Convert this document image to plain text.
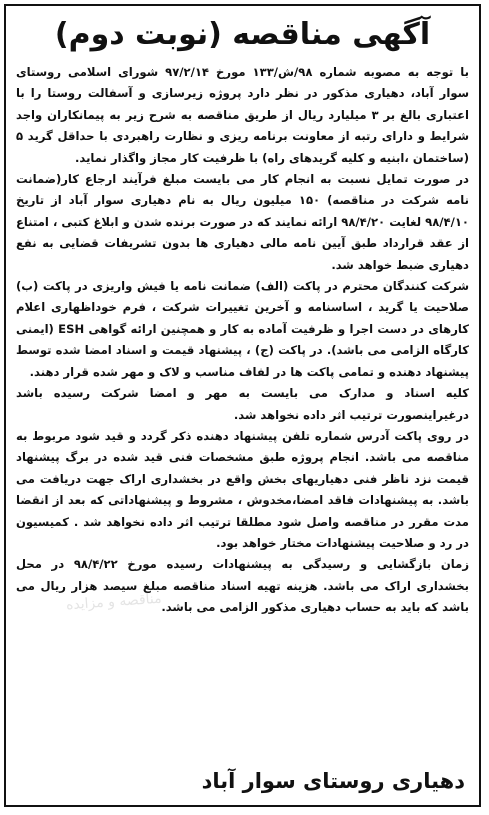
آگهی مناقصه (نوبت دوم)

با توجه به مصوبه شماره ۹۸/ش/۱۳۳ مورخ ۹۷/۲/۱۴ شورای اسلامی روستای سوار آباد، دهیاری مذکور در نظر دارد پروژه زیرسازی و آسفالت روستا را با اعتباری بالغ بر ۳ میلیارد ریال از طریق مناقصه به شرح زیر به پیمانکاران واجد شرایط و دارای رتبه از معاونت برنامه ریزی و نظارت راهبردی با حداقل گرید ۵ (ساختمان ،ابنیه و کلیه گریدهای راه) با ظرفیت کار مجاز واگذار نماید.

در صورت تمایل نسبت به انجام کار می بایست مبلغ فرآیند ارجاع کار(ضمانت نامه شرکت در مناقصه) ۱۵۰ میلیون ریال به نام دهیاری سوار آباد از تاریخ ۹۸/۴/۱۰ لغایت ۹۸/۴/۲۰ ارائه نمایند که در صورت برنده شدن و ابلاغ کتبی ، امتناع از عقد قرارداد طبق آیین نامه مالی دهیاری ها بدون تشریفات قضایی به نفع دهیاری ضبط خواهد شد.

شرکت کنندگان محترم در پاکت (الف) ضمانت نامه یا فیش واریزی در پاکت (ب) صلاحیت یا گرید ، اساسنامه و آخرین تغییرات شرکت ، فرم خوداظهاری اعلام کارهای در دست اجرا و ظرفیت آماده به کار و همچنین ارائه گواهی ESH (ایمنی کارگاه الزامی می باشد). در پاکت (ج) ، پیشنهاد قیمت و اسناد امضا شده توسط پیشنهاد دهنده و تمامی پاکت ها در لفاف مناسب و لاک و مهر شده قرار دهند.

کلیه اسناد و مدارک می بایست به مهر و امضا شرکت رسیده باشد درغیراینصورت ترتیب اثر داده نخواهد شد.

در روی پاکت آدرس شماره تلفن پیشنهاد دهنده ذکر گردد و قید شود مربوط به مناقصه می باشد. انجام پروژه طبق مشخصات فنی قید شده در برگ پیشنهاد قیمت نزد ناظر فنی دهیاریهای بخش واقع در بخشداری اراک جهت دریافت می باشد. به پیشنهادات فاقد امضا،مخدوش ، مشروط و پیشنهاداتی که بعد از انقضا مدت مقرر در مناقصه واصل شود مطلقا ترتیب اثر داده نخواهد شد . کمیسیون در رد و صلاحیت پیشنهادات مختار خواهد بود.

زمان بازگشایی و رسیدگی به پیشنهادات رسیده مورخ ۹۸/۴/۲۲ در محل بخشداری اراک می باشد. هزینه تهیه اسناد مناقصه مبلغ سیصد هزار ریال می باشد که باید به حساب دهیاری مذکور الزامی می باشد.

مناقصه و مزایده
دهیاری روستای سوار آباد
